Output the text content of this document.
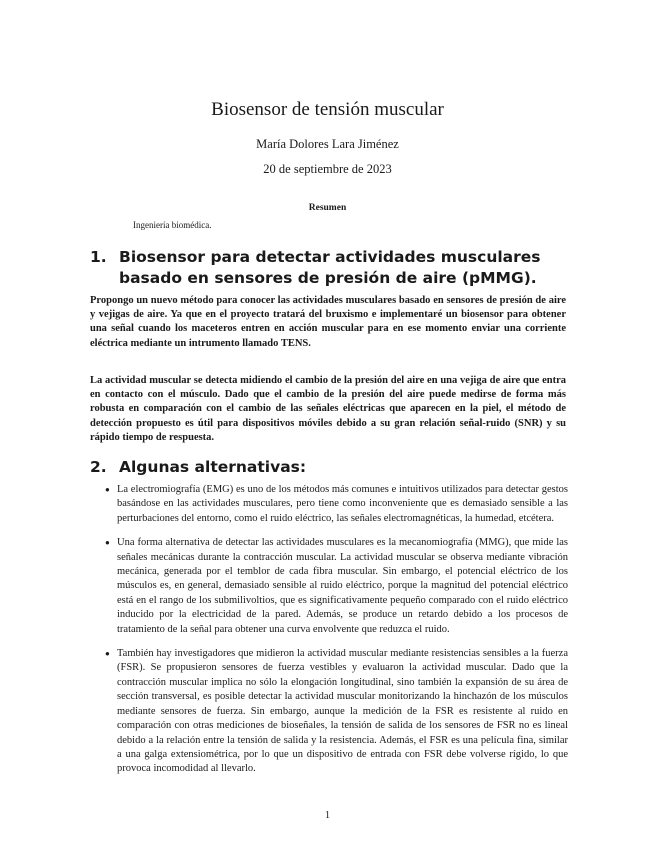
Biosensor de tensión muscular
María Dolores Lara Jiménez
20 de septiembre de 2023
Resumen
Ingeniería biomédica.
1. Biosensor para detectar actividades musculares basado en sensores de presión de aire (pMMG).

Propongo un nuevo método para conocer las actividades musculares basado en sensores de presión de aire y vejigas de aire. Ya que en el proyecto tratará del bruxismo e implementaré un biosensor para obtener una señal cuando los maceteros entren en acción muscular para en ese momento enviar una corriente eléctrica mediante un intrumento llamado TENS.

La actividad muscular se detecta midiendo el cambio de la presión del aire en una vejiga de aire que entra en contacto con el músculo. Dado que el cambio de la presión del aire puede medirse de forma más robusta en comparación con el cambio de las señales eléctricas que aparecen en la piel, el método de detección propuesto es útil para dispositivos móviles debido a su gran relación señal-ruido (SNR) y su rápido tiempo de respuesta.

2. Algunas alternativas:
● La electromiografía (EMG) es uno de los métodos más comunes e intuitivos utilizados para detectar gestos basándose en las actividades musculares, pero tiene como inconveniente que es demasiado sensible a las perturbaciones del entorno, como el ruido eléctrico, las señales electromagnéticas, la humedad, etcétera.
● Una forma alternativa de detectar las actividades musculares es la mecanomiografía (MMG), que mide las señales mecánicas durante la contracción muscular. La actividad muscular se observa mediante vibración mecánica, generada por el temblor de cada fibra muscular. Sin embargo, el potencial eléctrico de los músculos es, en general, demasiado sensible al ruido eléctrico, porque la magnitud del potencial eléctrico está en el rango de los submilivoltios, que es significativamente pequeño comparado con el ruido eléctrico inducido por la electricidad de la pared. Además, se produce un retardo debido a los procesos de tratamiento de la señal para obtener una curva envolvente que reduzca el ruido.
● También hay investigadores que midieron la actividad muscular mediante resistencias sensibles a la fuerza (FSR). Se propusieron sensores de fuerza vestibles y evaluaron la actividad muscular. Dado que la contracción muscular implica no sólo la elongación longitudinal, sino también la expansión de su área de sección transversal, es posible detectar la actividad muscular monitorizando la hinchazón de los músculos mediante sensores de fuerza. Sin embargo, aunque la medición de la FSR es resistente al ruido en comparación con otras mediciones de bioseñales, la tensión de salida de los sensores de FSR no es lineal debido a la relación entre la tensión de salida y la resistencia. Además, el FSR es una película fina, similar a una galga extensiométrica, por lo que un dispositivo de entrada con FSR debe volverse rígido, lo que provoca incomodidad al llevarlo.
1
